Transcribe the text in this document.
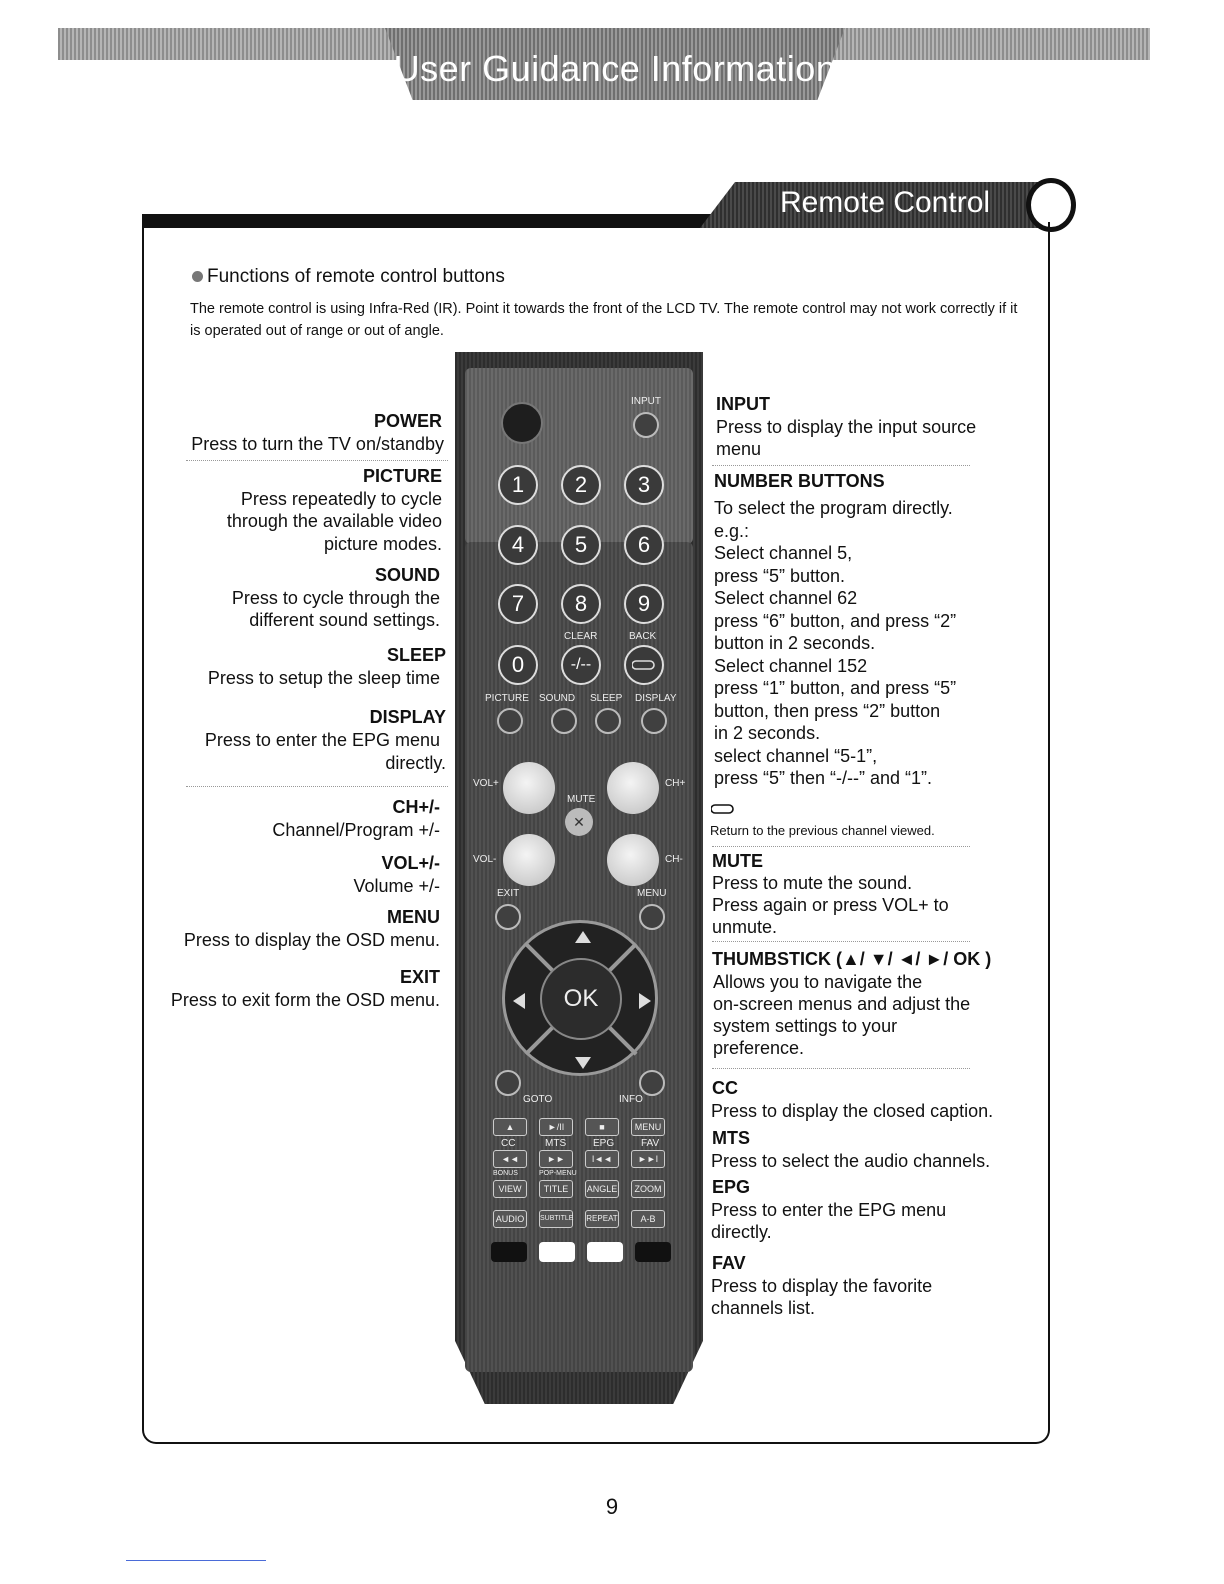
User Guidance Information
Remote Control
Functions of remote control buttons
The remote control is using Infra-Red (IR). Point it towards the front of the LCD TV. The remote control may not work correctly if it is operated out of range or out of angle.
POWER
Press to turn the TV on/standby
PICTURE
Press repeatedly to cycle
through the available video
picture modes.
SOUND
Press to cycle through the
different sound settings.
SLEEP
Press to setup the sleep time
DISPLAY
Press to enter the EPG menu
directly.
CH+/-
Channel/Program +/-
VOL+/-
Volume +/-
MENU
Press to display the OSD menu.
EXIT
Press to exit form the OSD menu.
INPUT
Press to display the input source
menu
NUMBER BUTTONS
To select the program directly.
e.g.:
Select channel 5,
press “5” button.
Select channel 62
press “6” button, and press “2”
button in 2 seconds.
Select channel 152
press “1” button, and press “5”
button, then press “2” button
in 2 seconds.
select channel “5-1”,
press “5” then “-/--” and “1”.
Return to the previous channel viewed.
MUTE
Press to mute the sound.
Press again or press VOL+ to
unmute.
THUMBSTICK (▲/ ▼/ ◄/ ►/ OK )
Allows you to navigate the
on-screen menus and adjust the
system settings to your
preference.
CC
Press to display the closed caption.
MTS
Press to select the audio channels.
EPG
Press to enter the EPG menu
directly.
FAV
Press to display the favorite
channels list.
INPUT
1	2	3
4	5	6
7	8	9
CLEAR	BACK
0	-/--
PICTURE SOUND SLEEP DISPLAY
VOL+	CH+
MUTE
✕
VOL-	CH-
EXIT	MENU
OK
GOTO	INFO
▲	►/II	■	MENU
CC	MTS	EPG	FAV
◄◄	►►	I◄◄	►►I
BONUS	POP-MENU
VIEW	TITLE	ANGLE	ZOOM
AUDIO	SUBTITLE REPEAT	A-B
9
